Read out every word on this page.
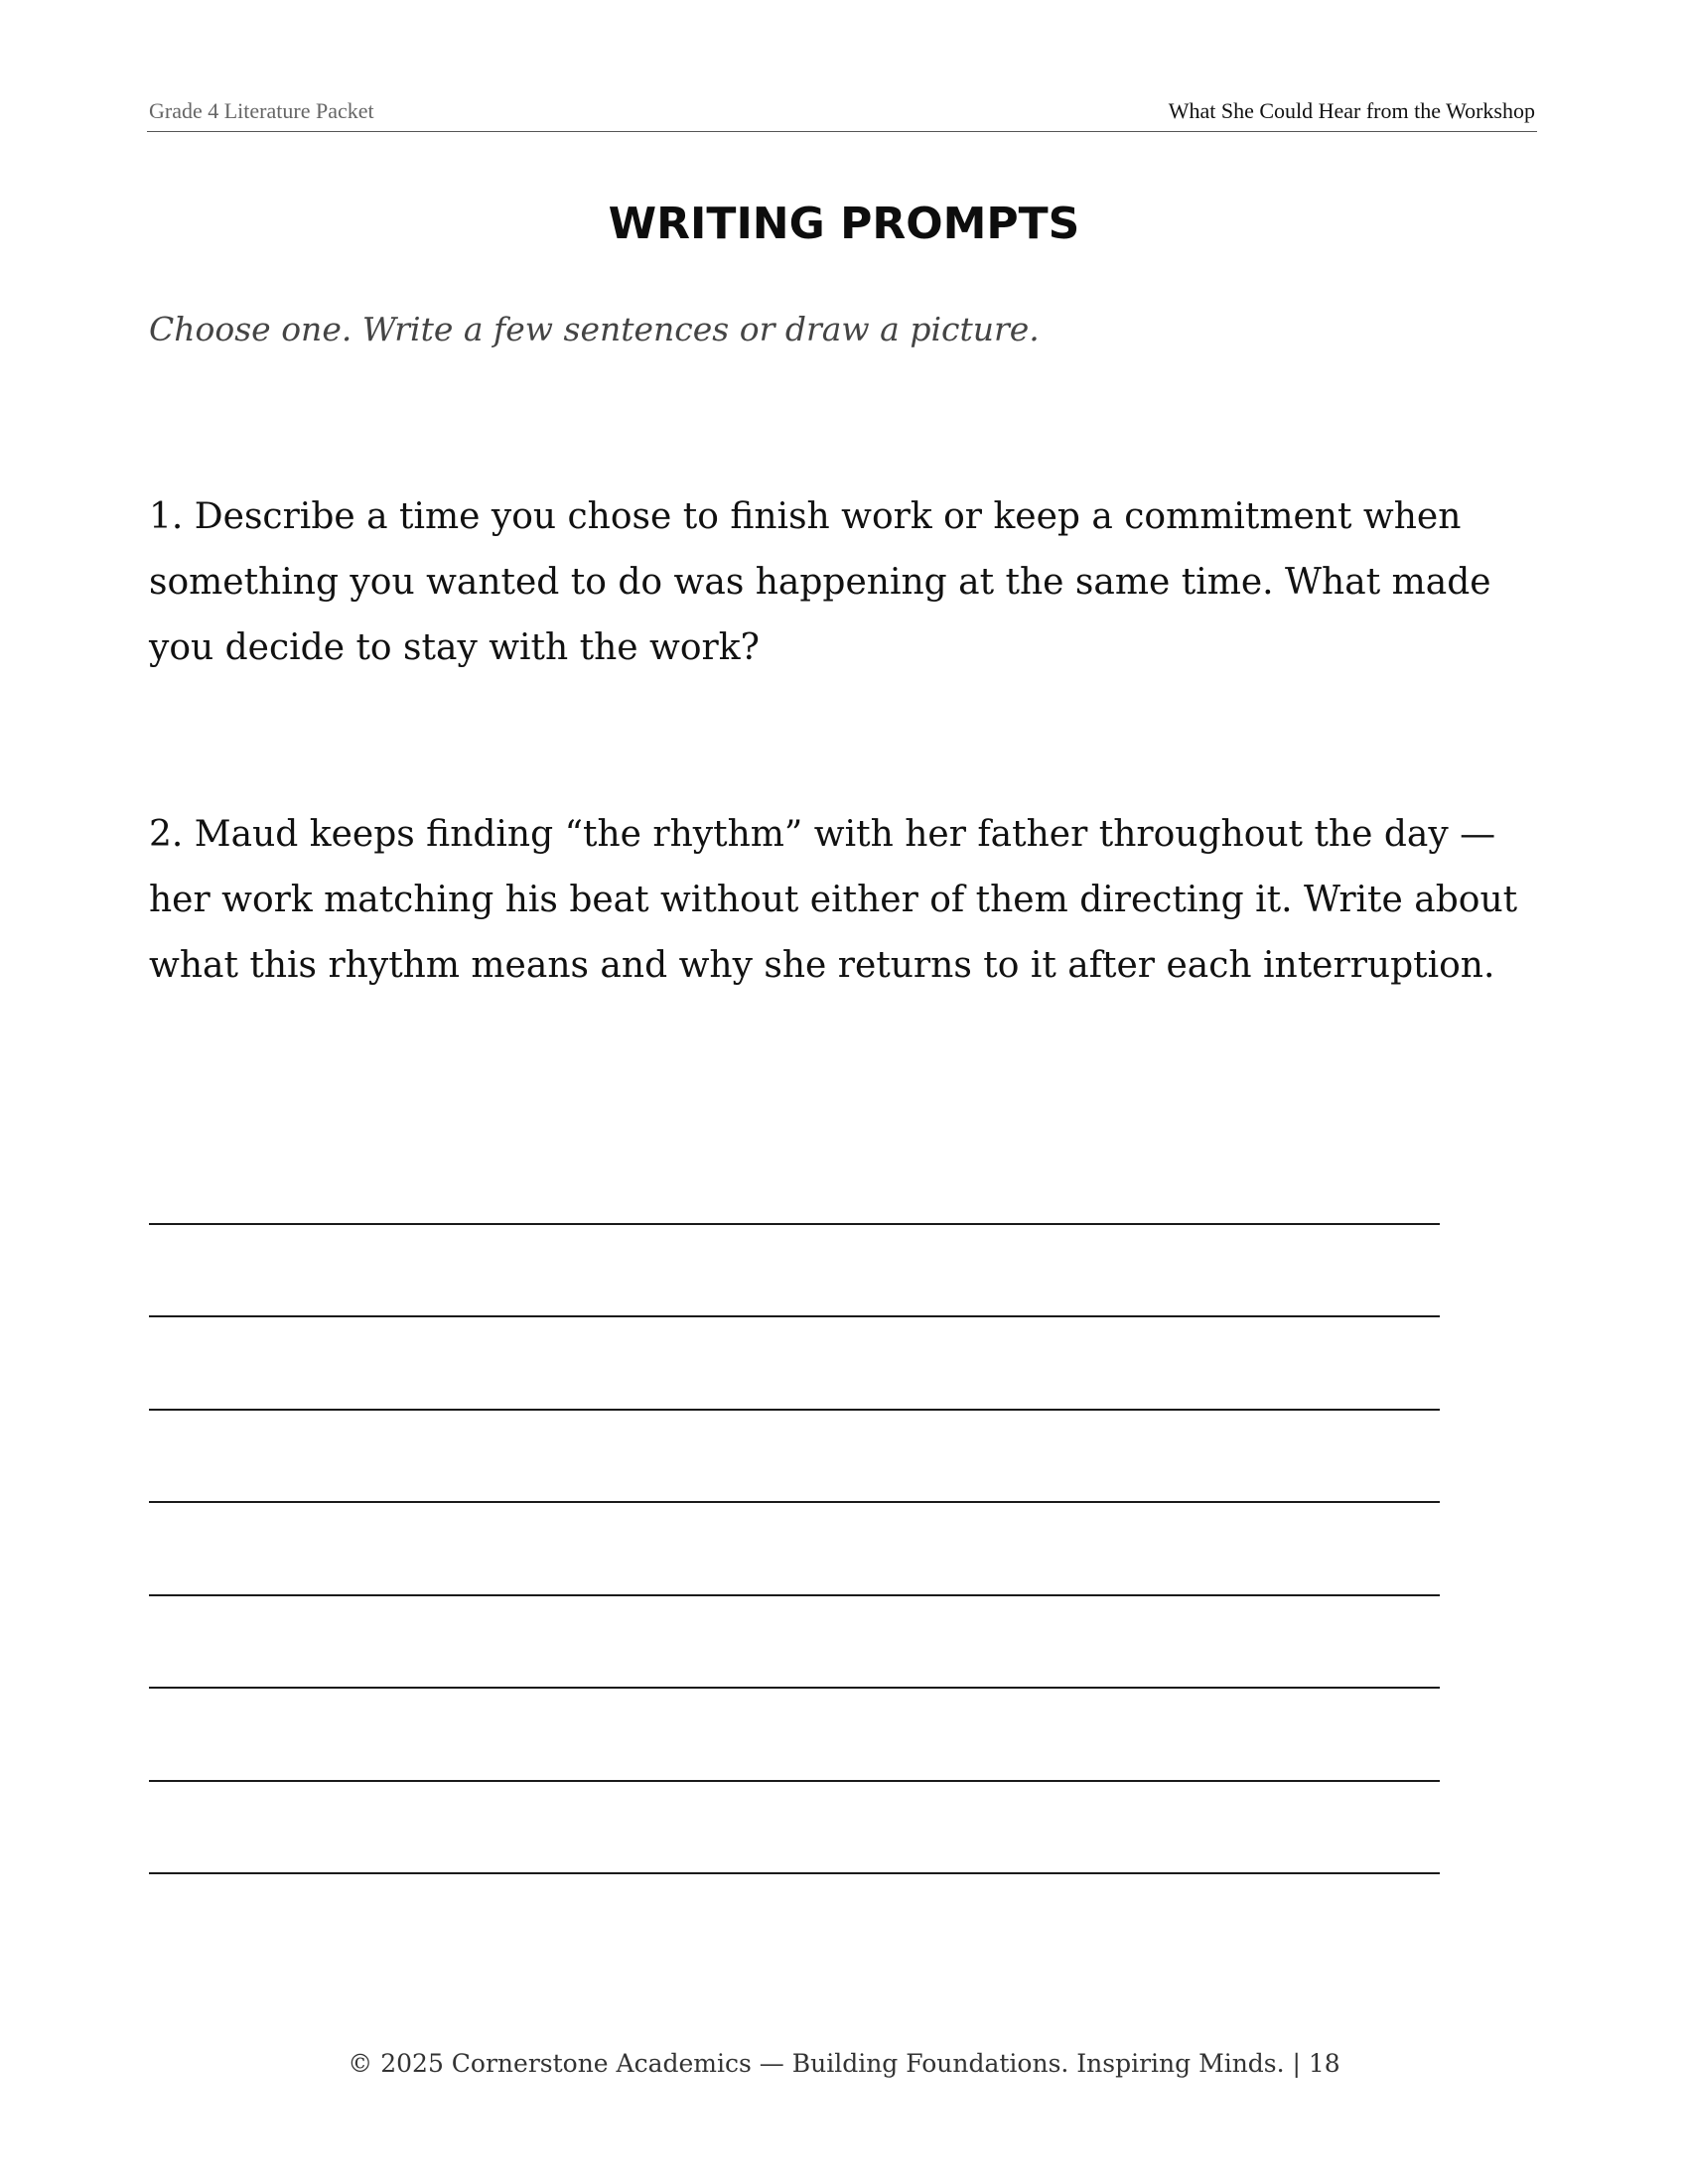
Grade 4 Literature Packet	What She Could Hear from the Workshop
WRITING PROMPTS
Choose one. Write a few sentences or draw a picture.
1. Describe a time you chose to finish work or keep a commitment when something you wanted to do was happening at the same time. What made you decide to stay with the work?
2. Maud keeps finding “the rhythm” with her father throughout the day — her work matching his beat without either of them directing it. Write about what this rhythm means and why she returns to it after each interruption.
© 2025 Cornerstone Academics — Building Foundations. Inspiring Minds. | 18
